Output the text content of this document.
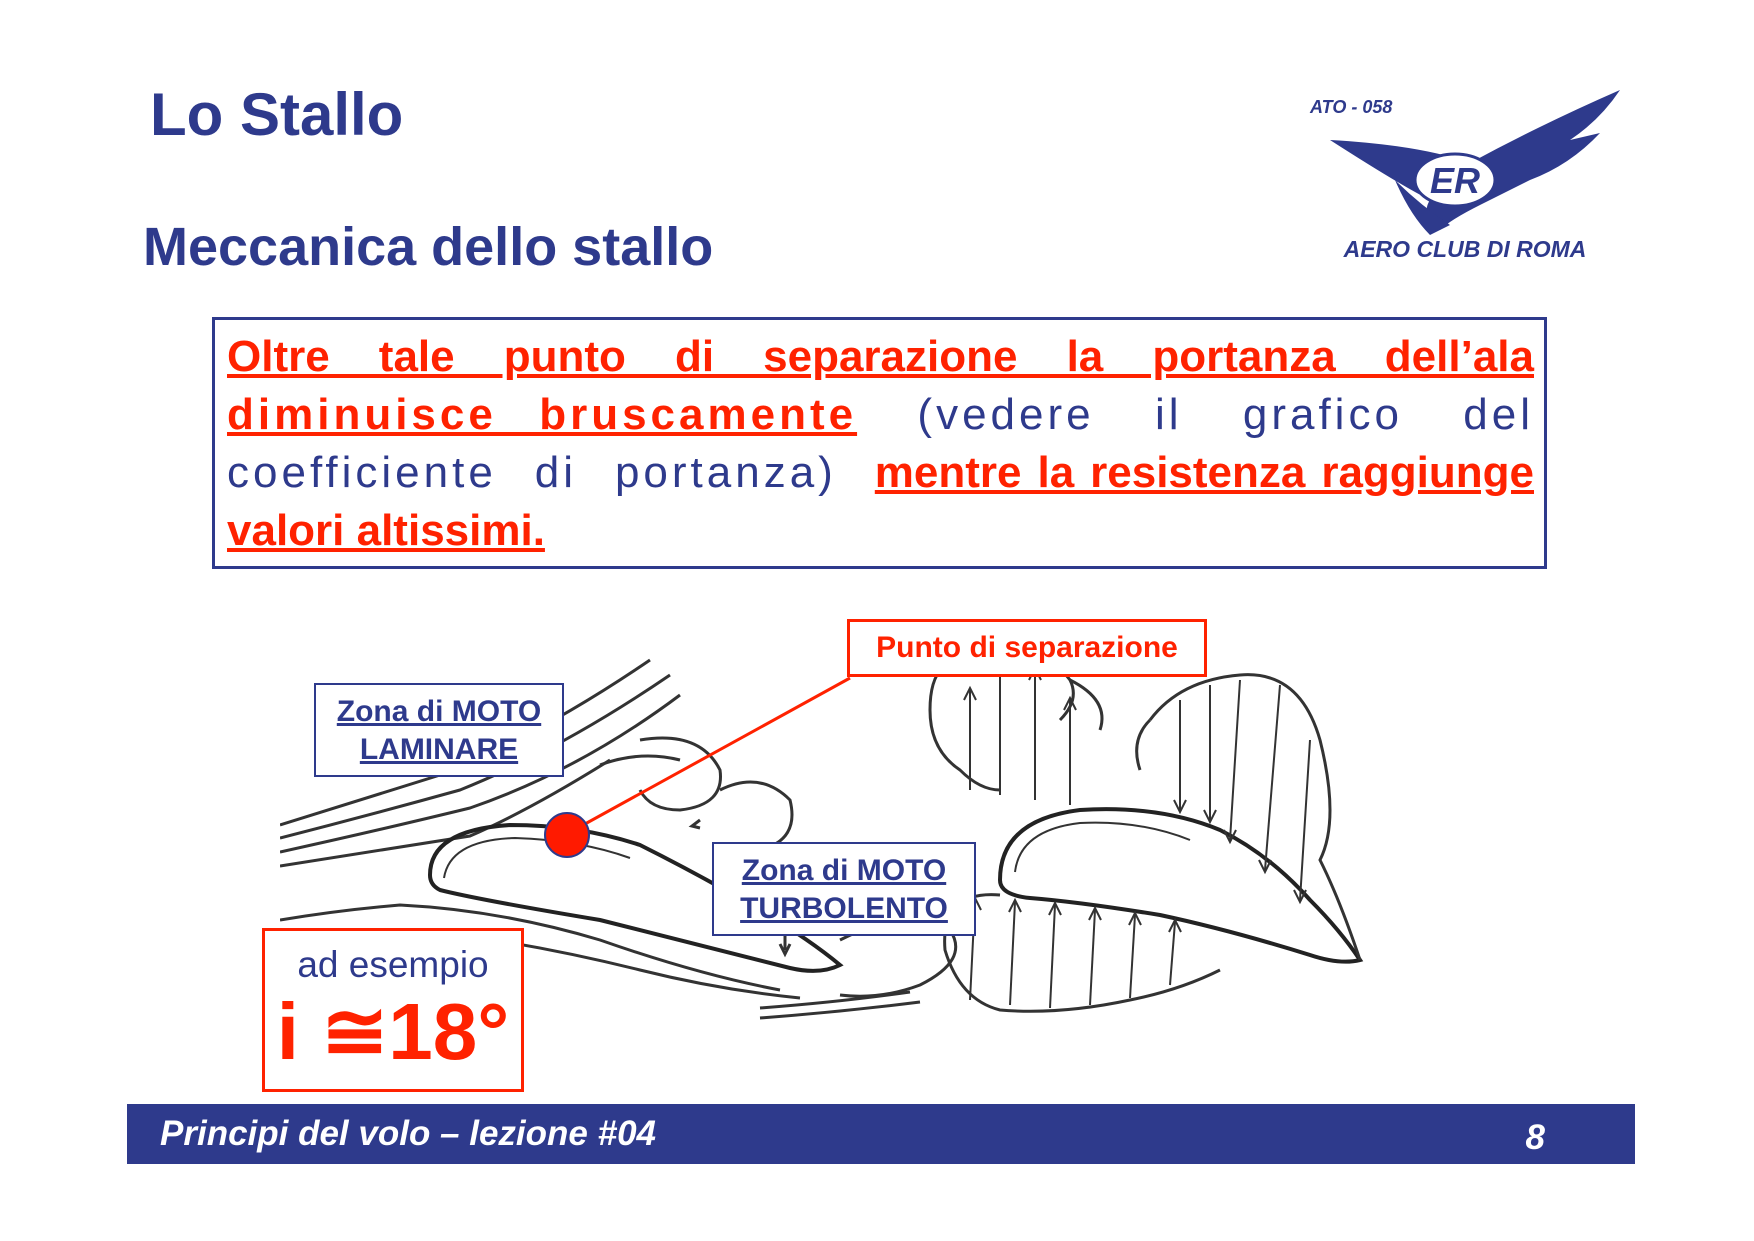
Lo Stallo
Meccanica dello stallo
ATO - 058
ER
AERO CLUB DI ROMA

Oltre tale punto di separazione la portanza dell’ala diminuisce bruscamente (vedere il grafico del coefficiente di portanza) mentre la resistenza raggiunge valori altissimi.

Punto di separazione
Zona di MOTO
LAMINARE
Zona di MOTO
TURBOLENTO
ad esempio
i ≅18°
Principi del volo – lezione #04	8
